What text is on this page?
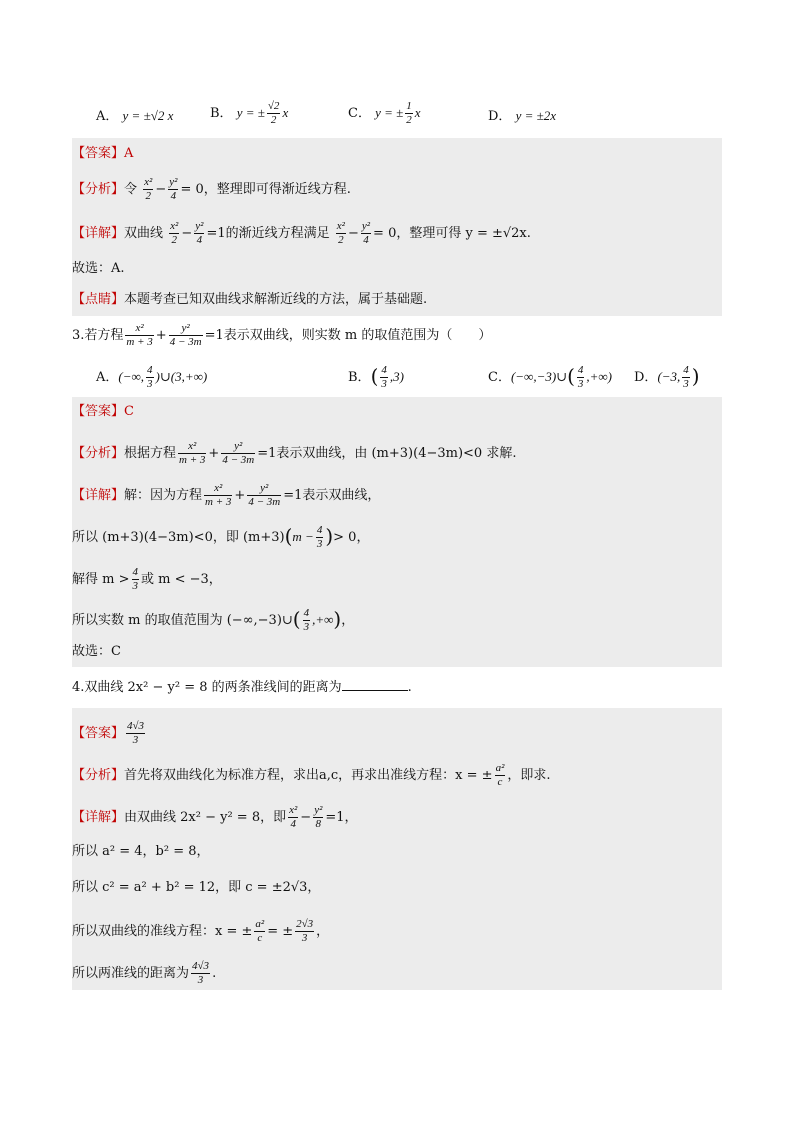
A． y = ±√2 x	B． y = ± $\frac{√2}{2}$ x	C． y = ± $\frac{1}{2}$ x	D． y = ±2x
【答案】A
【分析】令 $\frac{\text{x²}}{2} - \frac{\text{y²}}{4} = 0$，整理即可得渐近线方程.
【详解】双曲线 $\frac{\text{x²}}{2} - \frac{\text{y²}}{4} =1$的渐近线方程满足 $\frac{\text{x²}}{2} - \frac{\text{y²}}{4} = 0$，整理可得 y = ±√2x.
故选：A.
【点睛】本题考查已知双曲线求解渐近线的方法，属于基础题.
3.若方程 $\frac{\text{x²}}{m + 3} + \frac{\text{y²}}{4 - 3m} =1$表示双曲线，则实数 m 的取值范围为（　　）
A．(−∞, $\frac{4}{3}$ )∪(3,+∞)	B．( $\frac{4}{3} ,3$)	C．(−∞,−3)∪( $\frac{4}{3}$ ,+∞) D．(−3, $\frac{4}{3}$ )
【答案】C
【分析】根据方程 $\frac{\text{x²}}{m + 3} + \frac{\text{y²}}{4 - 3m} =1$表示双曲线，由 (m+3)(4−3m)<0 求解.
【详解】解：因为方程 $\frac{\text{x²}}{m + 3} + \frac{\text{y²}}{4 - 3m} =1$表示双曲线，
所以 (m+3)(4−3m)<0，即 $(m+3)(m - \frac{4}{3}$ )> 0，
解得 $m > \frac{4}{3}$ 或 m < −3，
所以实数 m 的取值范围为 (−∞,−3)∪( $\frac{4}{3}$ ,+∞)，
故选：C
4.双曲线 2x² − y² = 8 的两条准线间的距离为	.
【答案】 $\frac{4√3}{3}$
【分析】首先将双曲线化为标准方程，求出a,c，再求出准线方程：x = ± $\frac{\text{a²}}{c}$ ，即求.
【详解】由双曲线 2x² − y² = 8，即 $\frac{\text{x²}}{4} - \frac{\text{y²}}{8} =1$，
所以 a² = 4，b² = 8，
所以 c² = a² + b² = 12，即 c = ±2√3，
所以双曲线的准线方程：x = ± $\frac{\text{a²}}{c}$ = ± $\frac{2√3}{3}$ ，
所以两准线的距离为 $\frac{4√3}{3}$ .
